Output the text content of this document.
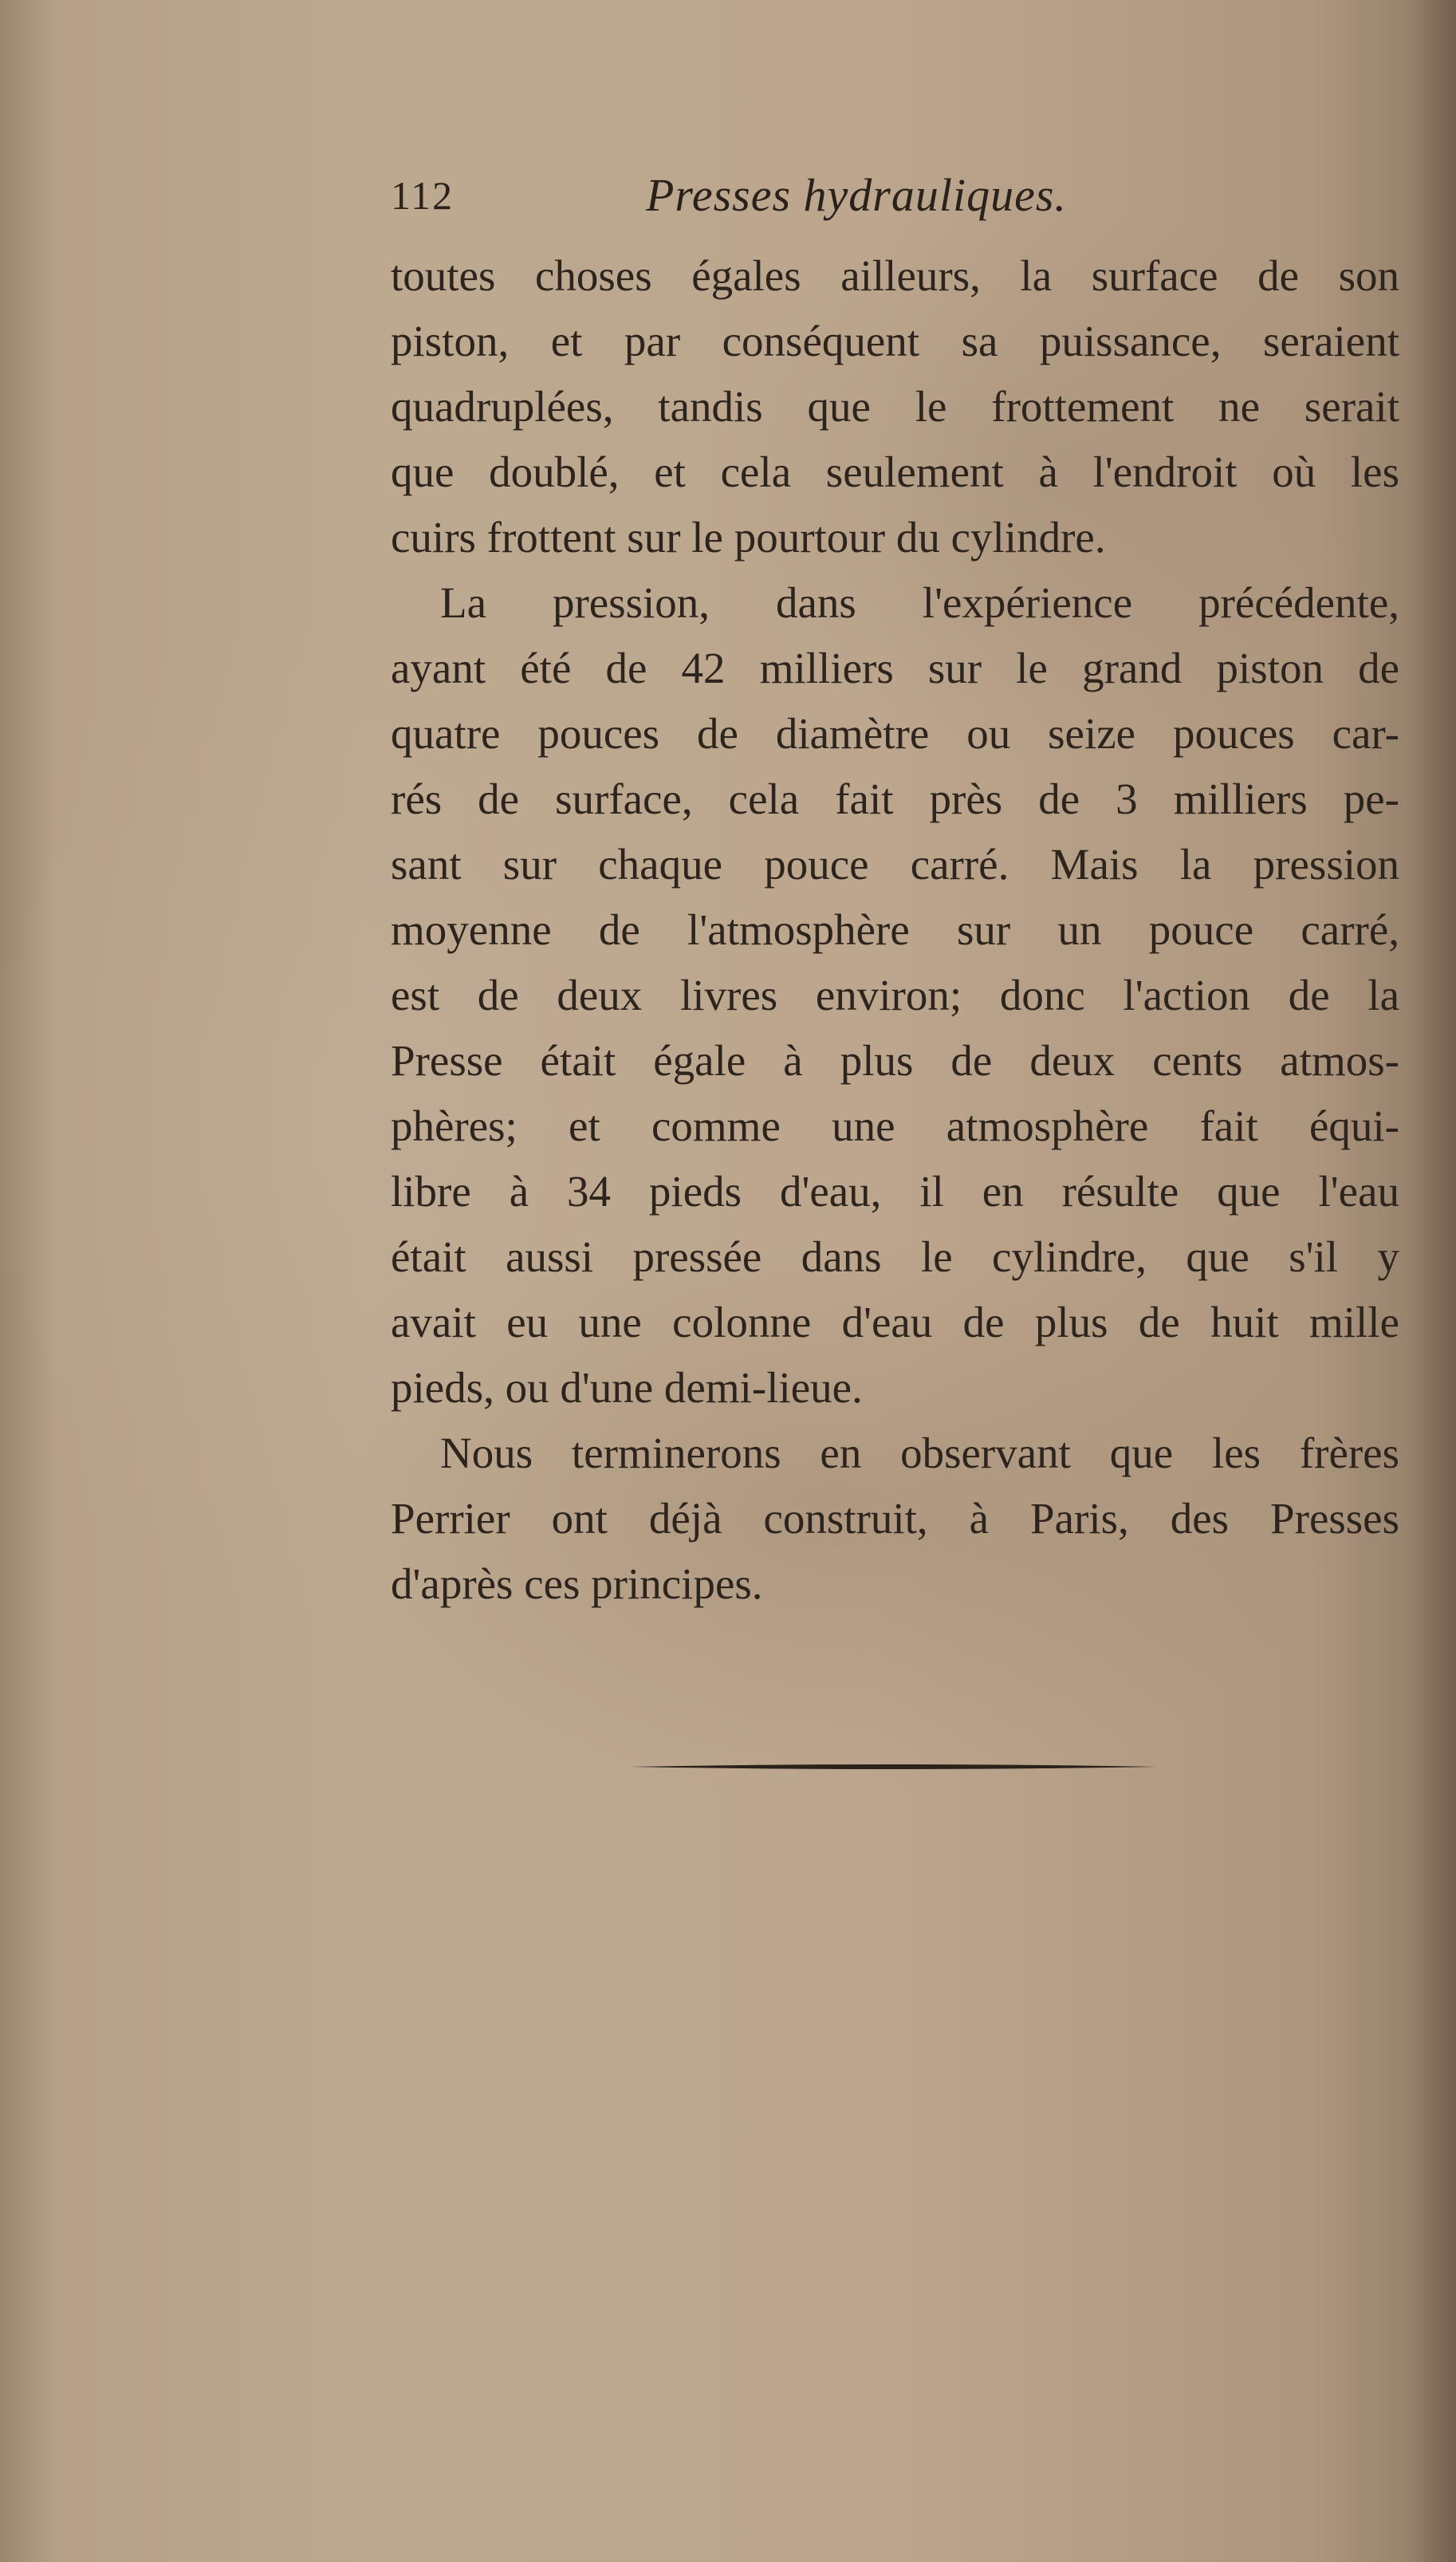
112	Presses hydrauliques.
toutes choses égales ailleurs, la surface de son
piston, et par conséquent sa puissance, seraient
quadruplées, tandis que le frottement ne serait
que doublé, et cela seulement à l'endroit où les
cuirs frottent sur le pourtour du cylindre.
La pression, dans l'expérience précédente,
ayant été de 42 milliers sur le grand piston de
quatre pouces de diamètre ou seize pouces car-
rés de surface, cela fait près de 3 milliers pe-
sant sur chaque pouce carré. Mais la pression
moyenne de l'atmosphère sur un pouce carré,
est de deux livres environ; donc l'action de la
Presse était égale à plus de deux cents atmos-
phères; et comme une atmosphère fait équi-
libre à 34 pieds d'eau, il en résulte que l'eau
était aussi pressée dans le cylindre, que s'il y
avait eu une colonne d'eau de plus de huit mille
pieds, ou d'une demi-lieue.
Nous terminerons en observant que les frères
Perrier ont déjà construit, à Paris, des Presses
d'après ces principes.
